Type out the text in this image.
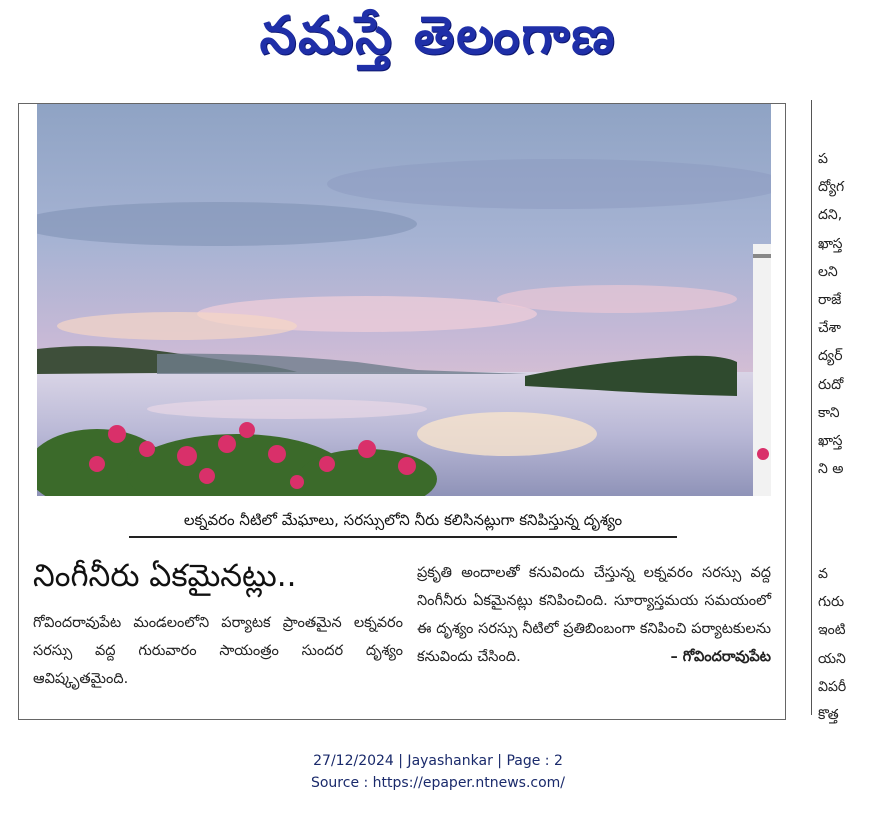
నమస్తే తెలంగాణ
లక్నవరం నీటిలో మేఘాలు, సరస్సులోని నీరు కలిసినట్లుగా కనిపిస్తున్న దృశ్యం
నింగీనీరు ఏకమైనట్లు..
గోవిందరావుపేట మండలంలోని పర్యాటక ప్రాంతమైన లక్నవరం సరస్సు వద్ద గురువారం సాయంత్రం సుందర దృశ్యం ఆవిష్కృతమైంది.
ప్రకృతి అందాలతో కనువిందు చేస్తున్న లక్నవరం సరస్సు వద్ద నింగీనీరు ఏకమైనట్లు కనిపించింది. సూర్యాస్తమయ సమయంలో ఈ దృశ్యం సరస్సు నీటిలో ప్రతిబింబంగా కనిపించి పర్యాటకులను కనువిందు చేసింది.	– గోవిందరావుపేట
ప
ద్యోగ
దని,
ఖాస్త
లని
రాజే
చేశా
ద్యర్
రుదో
కాని
ఖాస్త
ని అ
వ
గురు
ఇంటి
యని
విపరీ
కొత్త
27/12/2024 | Jayashankar | Page : 2
Source : https://epaper.ntnews.com/
